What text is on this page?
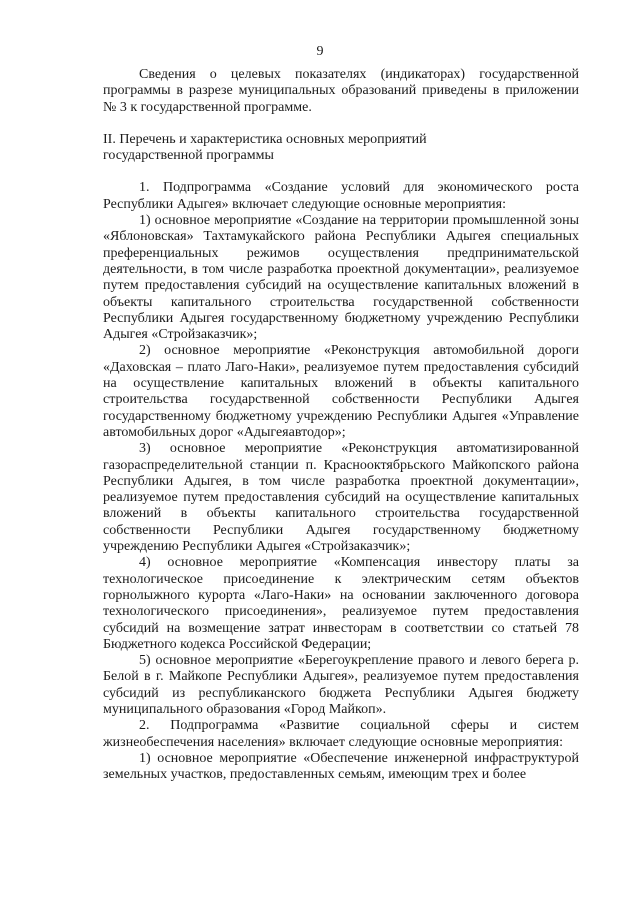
9

Сведения о целевых показателях (индикаторах) государственной программы в разрезе муниципальных образований приведены в приложении № 3 к государственной программе.

II. Перечень и характеристика основных мероприятий
государственной программы

1. Подпрограмма «Создание условий для экономического роста Республики Адыгея» включает следующие основные мероприятия:

1) основное мероприятие «Создание на территории промышленной зоны «Яблоновская» Тахтамукайского района Республики Адыгея специальных преференциальных режимов осуществления предпринимательской деятельности, в том числе разработка проектной документации», реализуемое путем предоставления субсидий на осуществление капитальных вложений в объекты капитального строительства государственной собственности Республики Адыгея государственному бюджетному учреждению Республики Адыгея «Стройзаказчик»;

2) основное мероприятие «Реконструкция автомобильной дороги «Даховская – плато Лаго-Наки», реализуемое путем предоставления субсидий на осуществление капитальных вложений в объекты капитального строительства государственной собственности Республики Адыгея государственному бюджетному учреждению Республики Адыгея «Управление автомобильных дорог «Адыгеяавтодор»;

3) основное мероприятие «Реконструкция автоматизированной газораспределительной станции п. Краснооктябрьского Майкопского района Республики Адыгея, в том числе разработка проектной документации», реализуемое путем предоставления субсидий на осуществление капитальных вложений в объекты капитального строительства государственной собственности Республики Адыгея государственному бюджетному учреждению Республики Адыгея «Стройзаказчик»;

4) основное мероприятие «Компенсация инвестору платы за технологическое присоединение к электрическим сетям объектов горнолыжного курорта «Лаго-Наки» на основании заключенного договора технологического присоединения», реализуемое путем предоставления субсидий на возмещение затрат инвесторам в соответствии со статьей 78 Бюджетного кодекса Российской Федерации;

5) основное мероприятие «Берегоукрепление правого и левого берега р. Белой в г. Майкопе Республики Адыгея», реализуемое путем предоставления субсидий из республиканского бюджета Республики Адыгея бюджету муниципального образования «Город Майкоп».

2. Подпрограмма «Развитие социальной сферы и систем жизнеобеспечения населения» включает следующие основные мероприятия:

1) основное мероприятие «Обеспечение инженерной инфраструктурой земельных участков, предоставленных семьям, имеющим трех и более
